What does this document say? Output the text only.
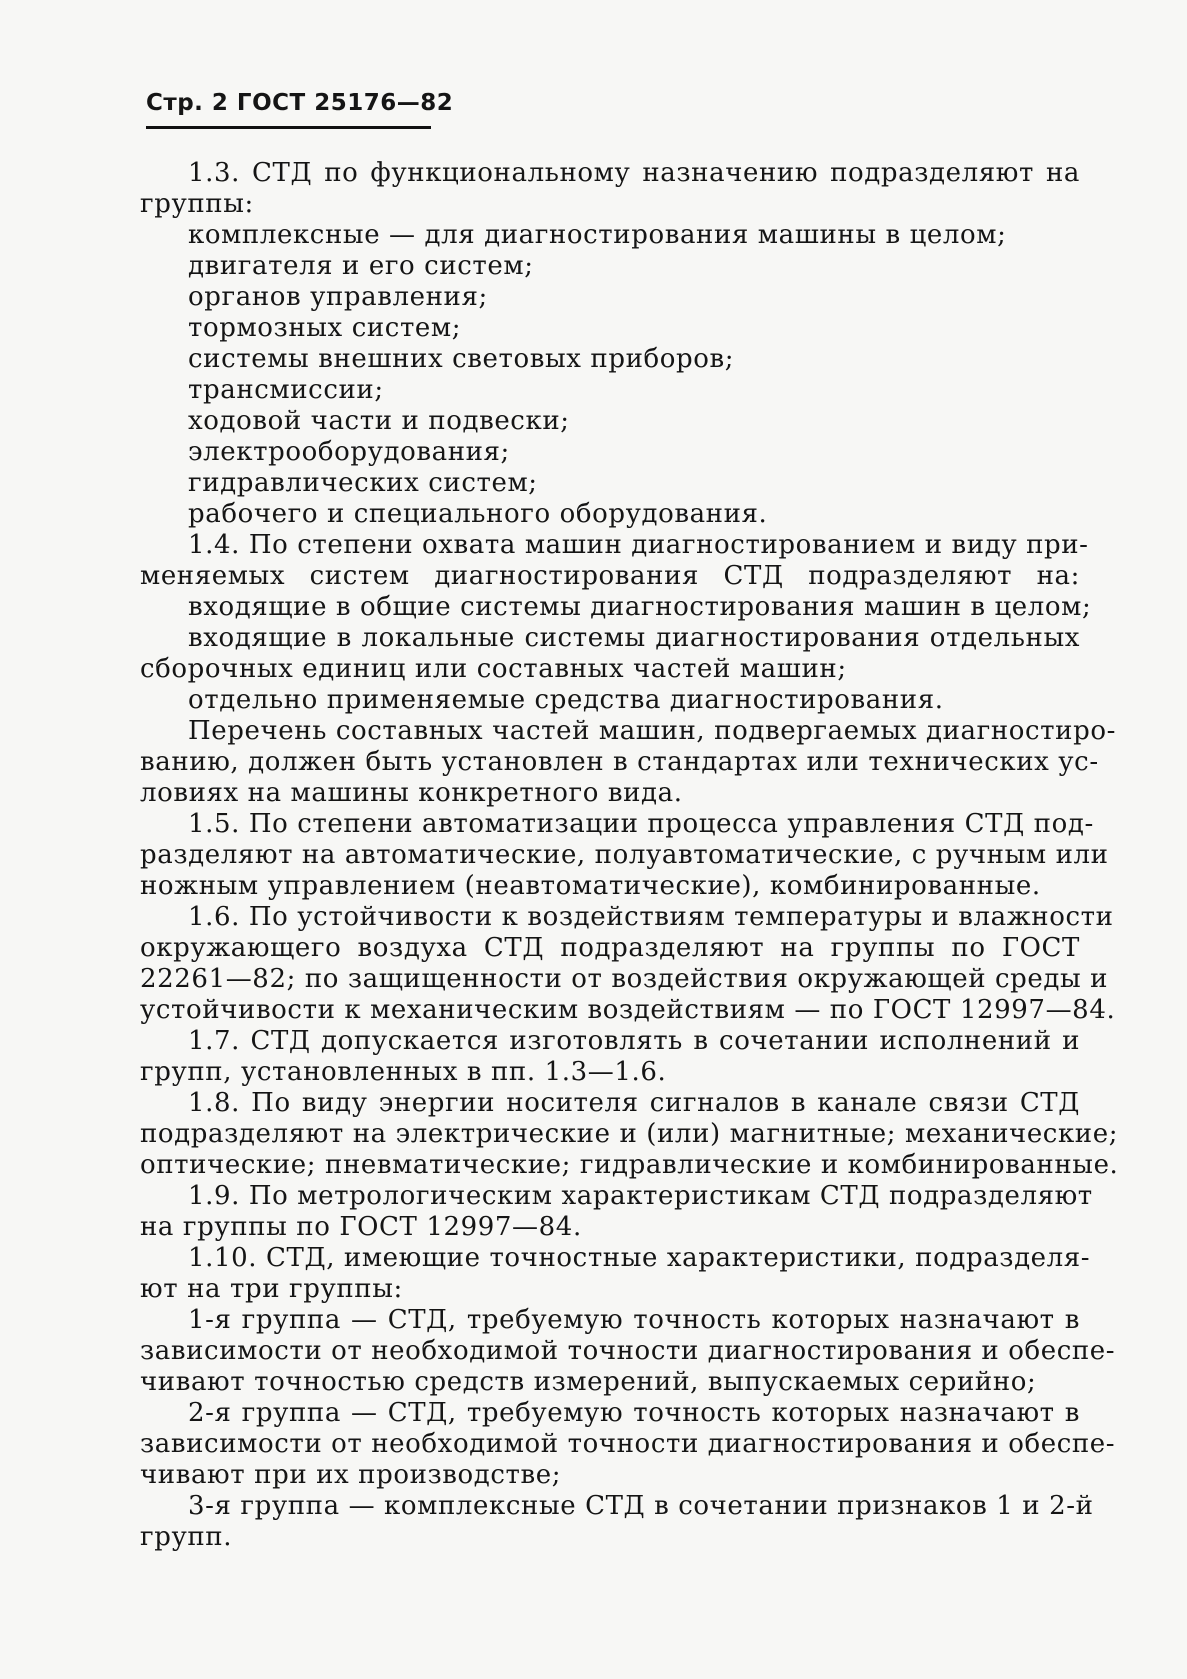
Стр. 2 ГОСТ 25176—82
1.3. СТД по функциональному назначению подразделяют на
группы:
комплексные — для диагностирования машины в целом;
двигателя и его систем;
органов управления;
тормозных систем;
системы внешних световых приборов;
трансмиссии;
ходовой части и подвески;
электрооборудования;
гидравлических систем;
рабочего и специального оборудования.
1.4. По степени охвата машин диагностированием и виду при-
меняемых систем диагностирования СТД подразделяют на:
входящие в общие системы диагностирования машин в целом;
входящие в локальные системы диагностирования отдельных
сборочных единиц или составных частей машин;
отдельно применяемые средства диагностирования.
Перечень составных частей машин, подвергаемых диагностиро-
ванию, должен быть установлен в стандартах или технических ус-
ловиях на машины конкретного вида.
1.5. По степени автоматизации процесса управления СТД под-
разделяют на автоматические, полуавтоматические, с ручным или
ножным управлением (неавтоматические), комбинированные.
1.6. По устойчивости к воздействиям температуры и влажности
окружающего воздуха СТД подразделяют на группы по ГОСТ
22261—82; по защищенности от воздействия окружающей среды и
устойчивости к механическим воздействиям — по ГОСТ 12997—84.
1.7. СТД допускается изготовлять в сочетании исполнений и
групп, установленных в пп. 1.3—1.6.
1.8. По виду энергии носителя сигналов в канале связи СТД
подразделяют на электрические и (или) магнитные; механические;
оптические; пневматические; гидравлические и комбинированные.
1.9. По метрологическим характеристикам СТД подразделяют
на группы по ГОСТ 12997—84.
1.10. СТД, имеющие точностные характеристики, подразделя-
ют на три группы:
1-я группа — СТД, требуемую точность которых назначают в
зависимости от необходимой точности диагностирования и обеспе-
чивают точностью средств измерений, выпускаемых серийно;
2-я группа — СТД, требуемую точность которых назначают в
зависимости от необходимой точности диагностирования и обеспе-
чивают при их производстве;
3-я группа — комплексные СТД в сочетании признаков 1 и 2-й
групп.
